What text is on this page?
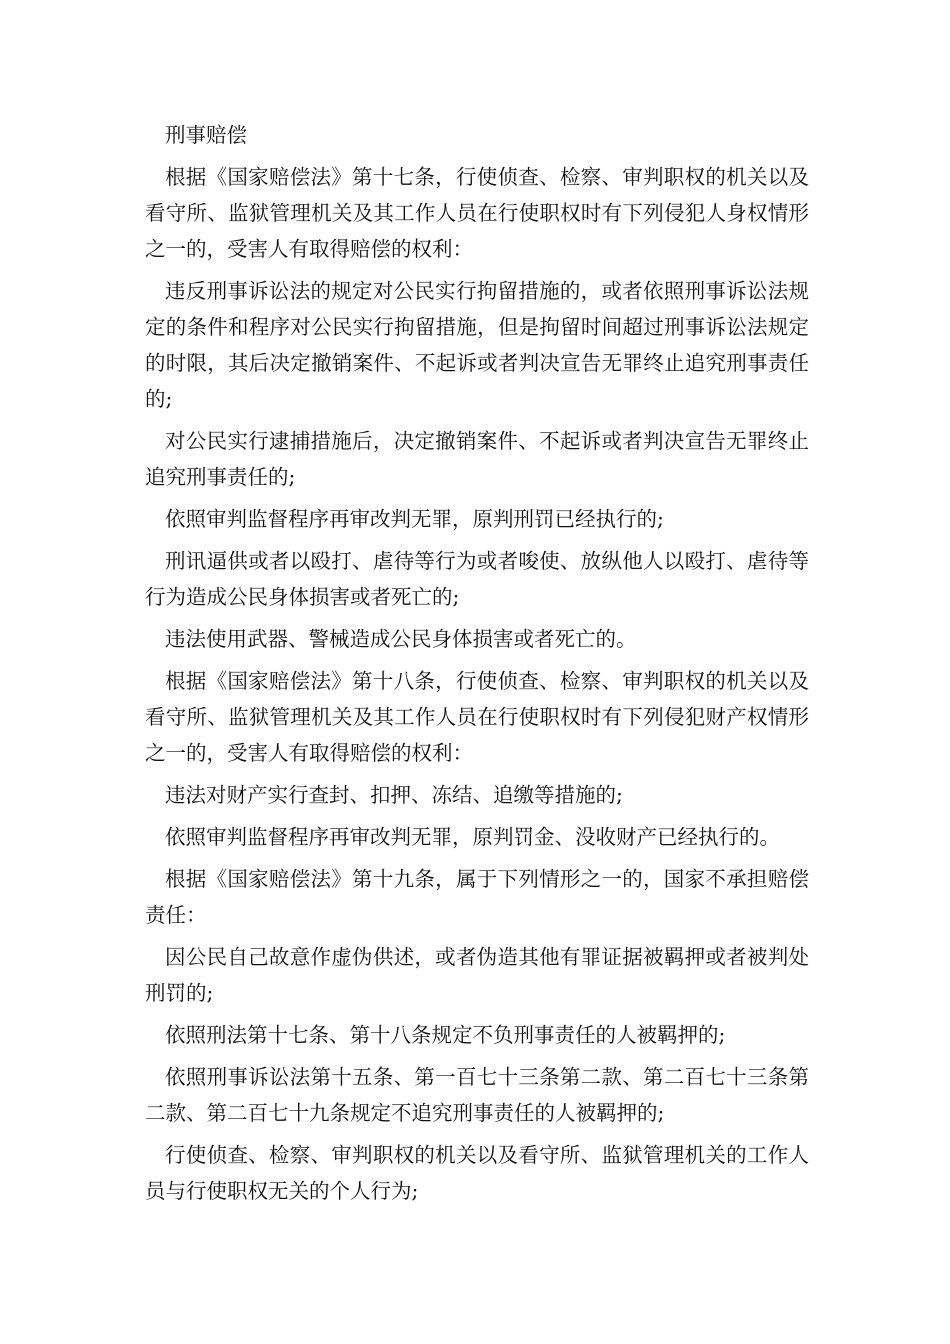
刑事赔偿

根据《国家赔偿法》第十七条，行使侦查、检察、审判职权的机关以及看守所、监狱管理机关及其工作人员在行使职权时有下列侵犯人身权情形之一的，受害人有取得赔偿的权利：

违反刑事诉讼法的规定对公民实行拘留措施的，或者依照刑事诉讼法规定的条件和程序对公民实行拘留措施，但是拘留时间超过刑事诉讼法规定的时限，其后决定撤销案件、不起诉或者判决宣告无罪终止追究刑事责任的;

对公民实行逮捕措施后，决定撤销案件、不起诉或者判决宣告无罪终止追究刑事责任的;

依照审判监督程序再审改判无罪，原判刑罚已经执行的;

刑讯逼供或者以殴打、虐待等行为或者唆使、放纵他人以殴打、虐待等行为造成公民身体损害或者死亡的;

违法使用武器、警械造成公民身体损害或者死亡的。

根据《国家赔偿法》第十八条，行使侦查、检察、审判职权的机关以及看守所、监狱管理机关及其工作人员在行使职权时有下列侵犯财产权情形之一的，受害人有取得赔偿的权利：

违法对财产实行查封、扣押、冻结、追缴等措施的;

依照审判监督程序再审改判无罪，原判罚金、没收财产已经执行的。

根据《国家赔偿法》第十九条，属于下列情形之一的，国家不承担赔偿责任：

因公民自己故意作虚伪供述，或者伪造其他有罪证据被羁押或者被判处刑罚的;

依照刑法第十七条、第十八条规定不负刑事责任的人被羁押的;

依照刑事诉讼法第十五条、第一百七十三条第二款、第二百七十三条第二款、第二百七十九条规定不追究刑事责任的人被羁押的;

行使侦查、检察、审判职权的机关以及看守所、监狱管理机关的工作人员与行使职权无关的个人行为;
